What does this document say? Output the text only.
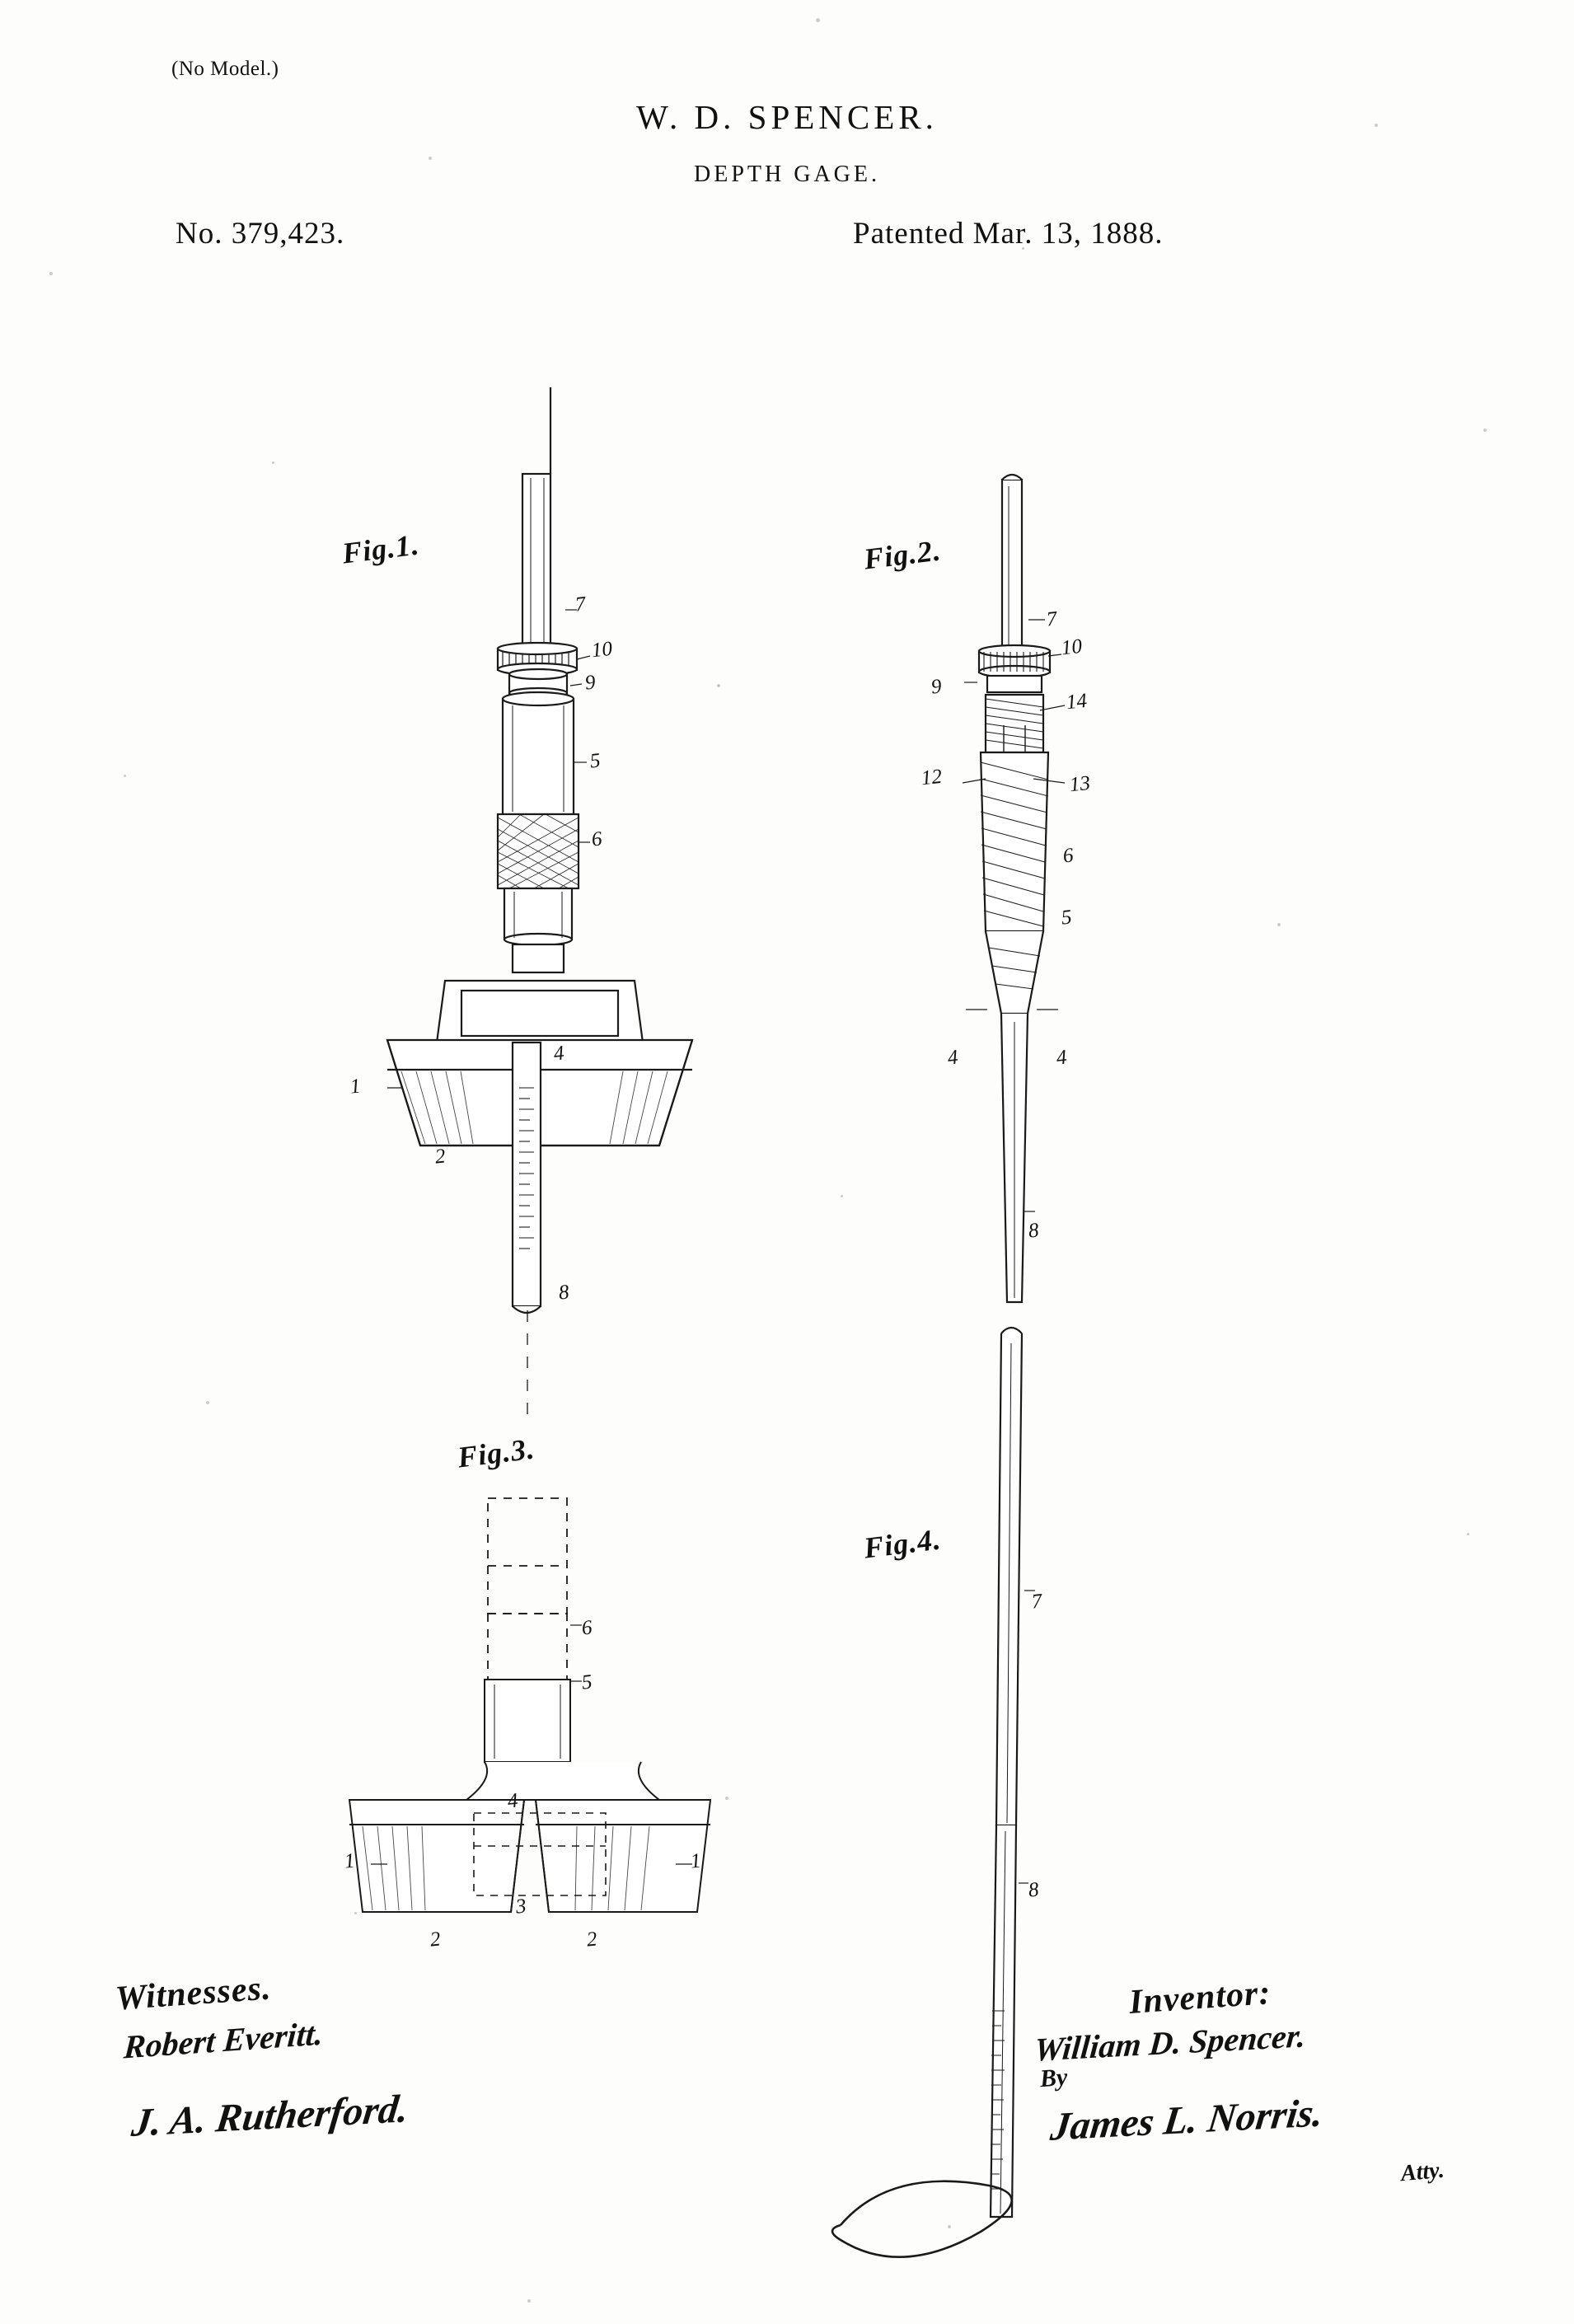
(No Model.)
W. D. SPENCER.
DEPTH GAGE.
No. 379,423.	Patented Mar. 13, 1888.
Fig.1.
7
10
9
5
6
4
1
2
8
Fig.2.
7
10
9
14
12	13
6
5
4	4
8
Fig.3.
6
5
4
1	1
3
2	2
Fig.4.
7
8
Witnesses.
Robert Everitt.
J. A. Rutherford.
Inventor:
William D. Spencer.
By
James L. Norris.
Atty.
